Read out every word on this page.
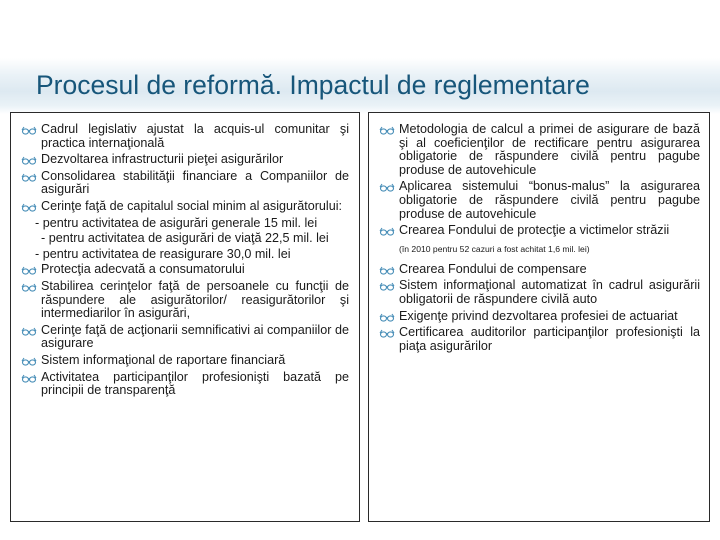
Procesul de reformă. Impactul de reglementare
Cadrul legislativ ajustat la acquis-ul comunitar şi practica internaţională
Dezvoltarea infrastructurii pieţei asigurărilor
Consolidarea stabilităţii financiare a Companiilor de asigurări
Cerinţe faţă de capitalul social minim al asigurătorului:
- pentru activitatea de asigurări generale 15 mil. lei
- pentru activitatea de asigurări de viaţă 22,5 mil. lei
- pentru activitatea de reasigurare 30,0 mil. lei
Protecţia adecvată a consumatorului
Stabilirea cerinţelor faţă de persoanele cu funcţii de răspundere ale asigurătorilor/ reasigurătorilor şi intermediarilor în asigurări,
Cerinţe faţă de acţionarii semnificativi ai companiilor de asigurare
Sistem informaţional de raportare financiară
Activitatea participanţilor profesionişti bazată pe principii de transparenţă
Metodologia de calcul a primei de asigurare de bază şi al coeficienţilor de rectificare pentru asigurarea obligatorie de răspundere civilă pentru pagube produse de autovehicule
Aplicarea sistemului “bonus-malus” la asigurarea obligatorie de răspundere civilă pentru pagube produse de autovehicule
Crearea Fondului de protecţie a victimelor străzii
(în 2010 pentru 52 cazuri a fost achitat 1,6 mil. lei)
Crearea Fondului de compensare
Sistem informaţional automatizat în cadrul asigurării obligatorii de răspundere civilă auto
Exigenţe privind dezvoltarea profesiei de actuariat
Certificarea auditorilor participanţilor profesionişti la piaţa asigurărilor
